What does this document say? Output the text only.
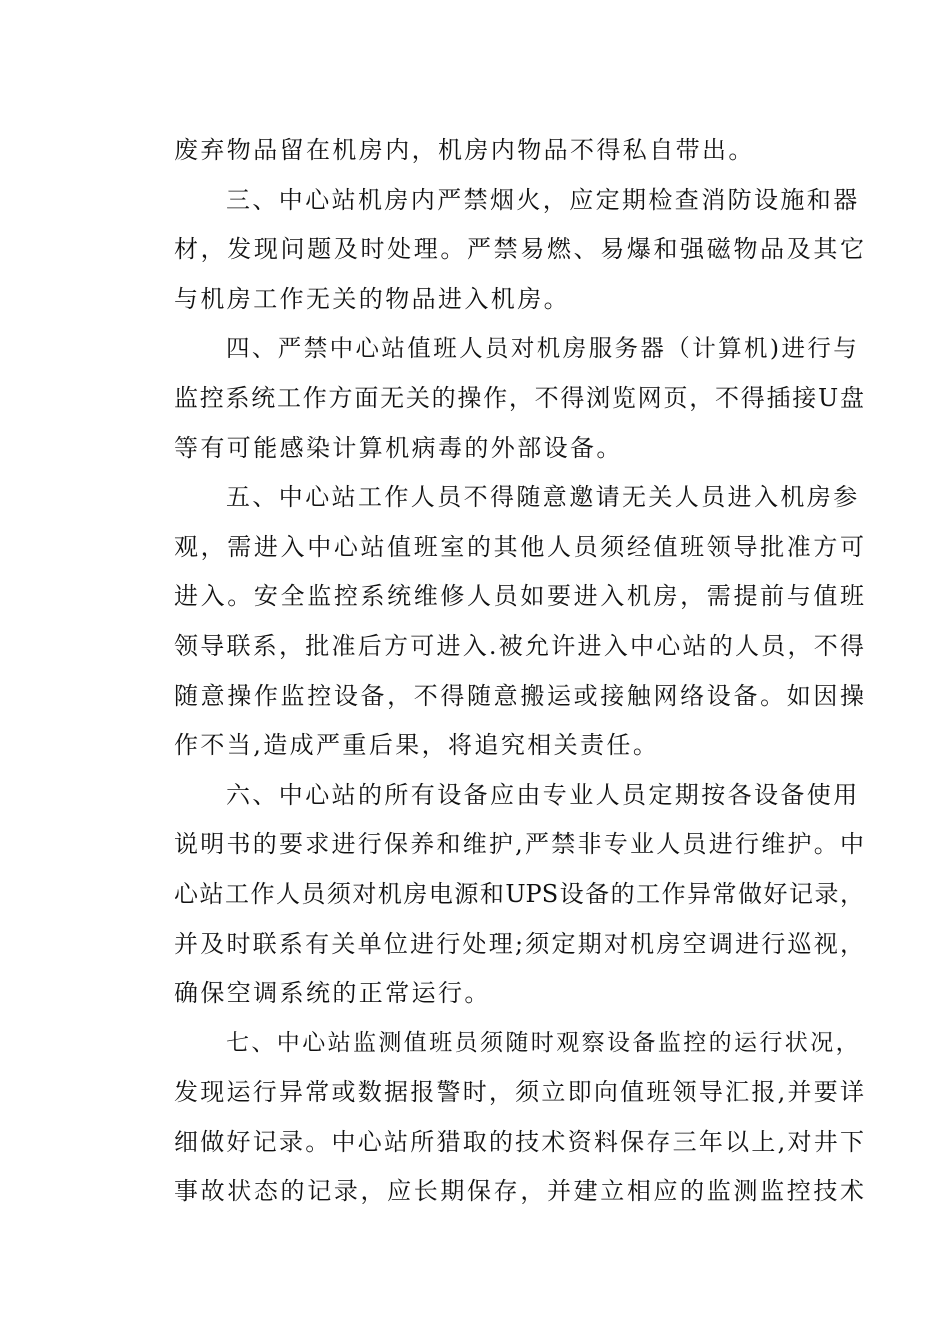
废弃物品留在机房内，机房内物品不得私自带出。
三、中心站机房内严禁烟火，应定期检查消防设施和器
材，发现问题及时处理。严禁易燃、易爆和强磁物品及其它
与机房工作无关的物品进入机房。
四、严禁中心站值班人员对机房服务器（计算机)进行与
监控系统工作方面无关的操作，不得浏览网页，不得插接U盘
等有可能感染计算机病毒的外部设备。
五、中心站工作人员不得随意邀请无关人员进入机房参
观，需进入中心站值班室的其他人员须经值班领导批准方可
进入。安全监控系统维修人员如要进入机房，需提前与值班
领导联系，批准后方可进入.被允许进入中心站的人员，不得
随意操作监控设备，不得随意搬运或接触网络设备。如因操
作不当,造成严重后果，将追究相关责任。
六、中心站的所有设备应由专业人员定期按各设备使用
说明书的要求进行保养和维护,严禁非专业人员进行维护。中
心站工作人员须对机房电源和UPS设备的工作异常做好记录，
并及时联系有关单位进行处理;须定期对机房空调进行巡视，
确保空调系统的正常运行。
七、中心站监测值班员须随时观察设备监控的运行状况，
发现运行异常或数据报警时，须立即向值班领导汇报,并要详
细做好记录。中心站所猎取的技术资料保存三年以上,对井下
事故状态的记录，应长期保存，并建立相应的监测监控技术
